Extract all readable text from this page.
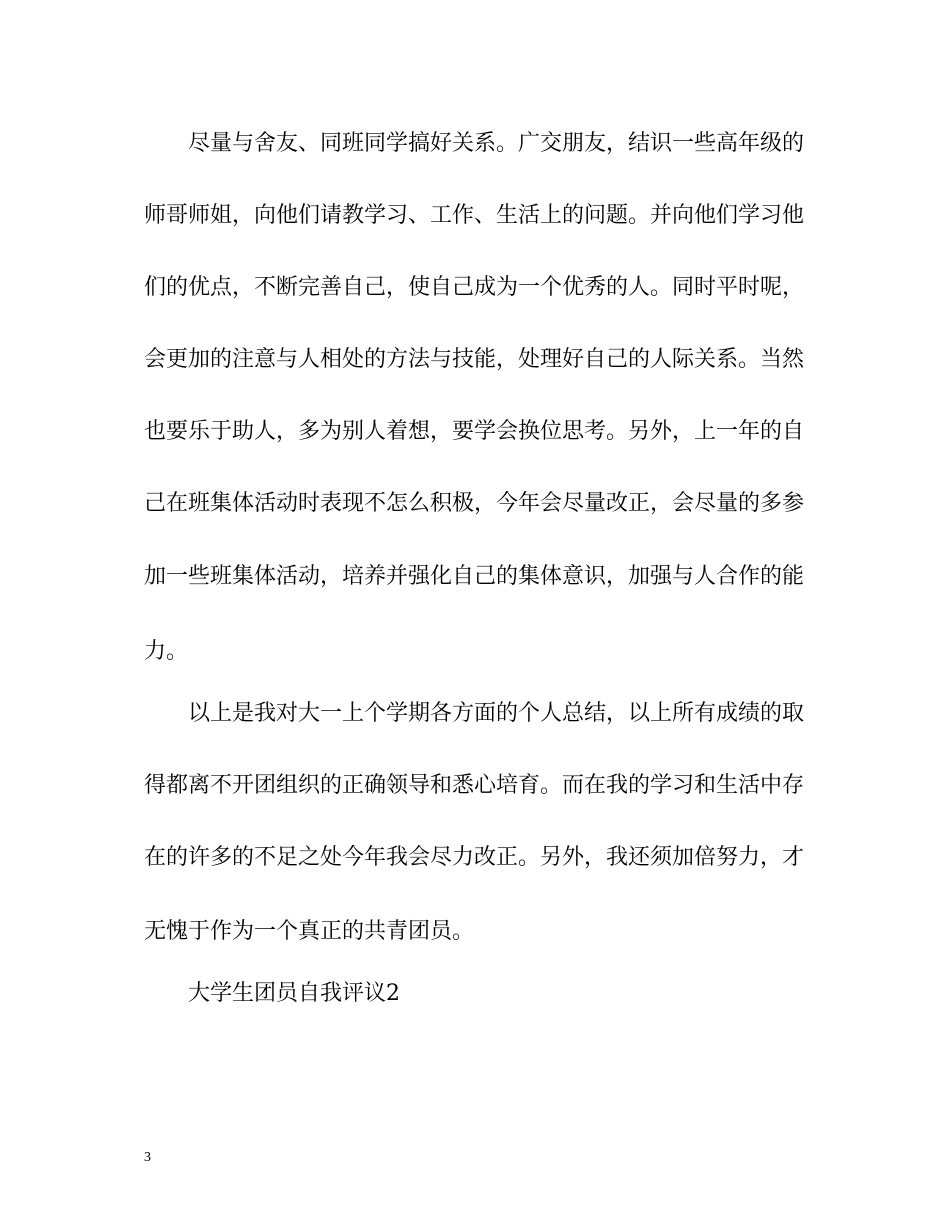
尽量与舍友、同班同学搞好关系。广交朋友，结识一些高年级的
师哥师姐，向他们请教学习、工作、生活上的问题。并向他们学习他
们的优点，不断完善自己，使自己成为一个优秀的人。同时平时呢，
会更加的注意与人相处的方法与技能，处理好自己的人际关系。当然
也要乐于助人，多为别人着想，要学会换位思考。另外，上一年的自
己在班集体活动时表现不怎么积极，今年会尽量改正，会尽量的多参
加一些班集体活动，培养并强化自己的集体意识，加强与人合作的能
力。
以上是我对大一上个学期各方面的个人总结，以上所有成绩的取
得都离不开团组织的正确领导和悉心培育。而在我的学习和生活中存
在的许多的不足之处今年我会尽力改正。另外，我还须加倍努力，才
无愧于作为一个真正的共青团员。
大学生团员自我评议2
3
